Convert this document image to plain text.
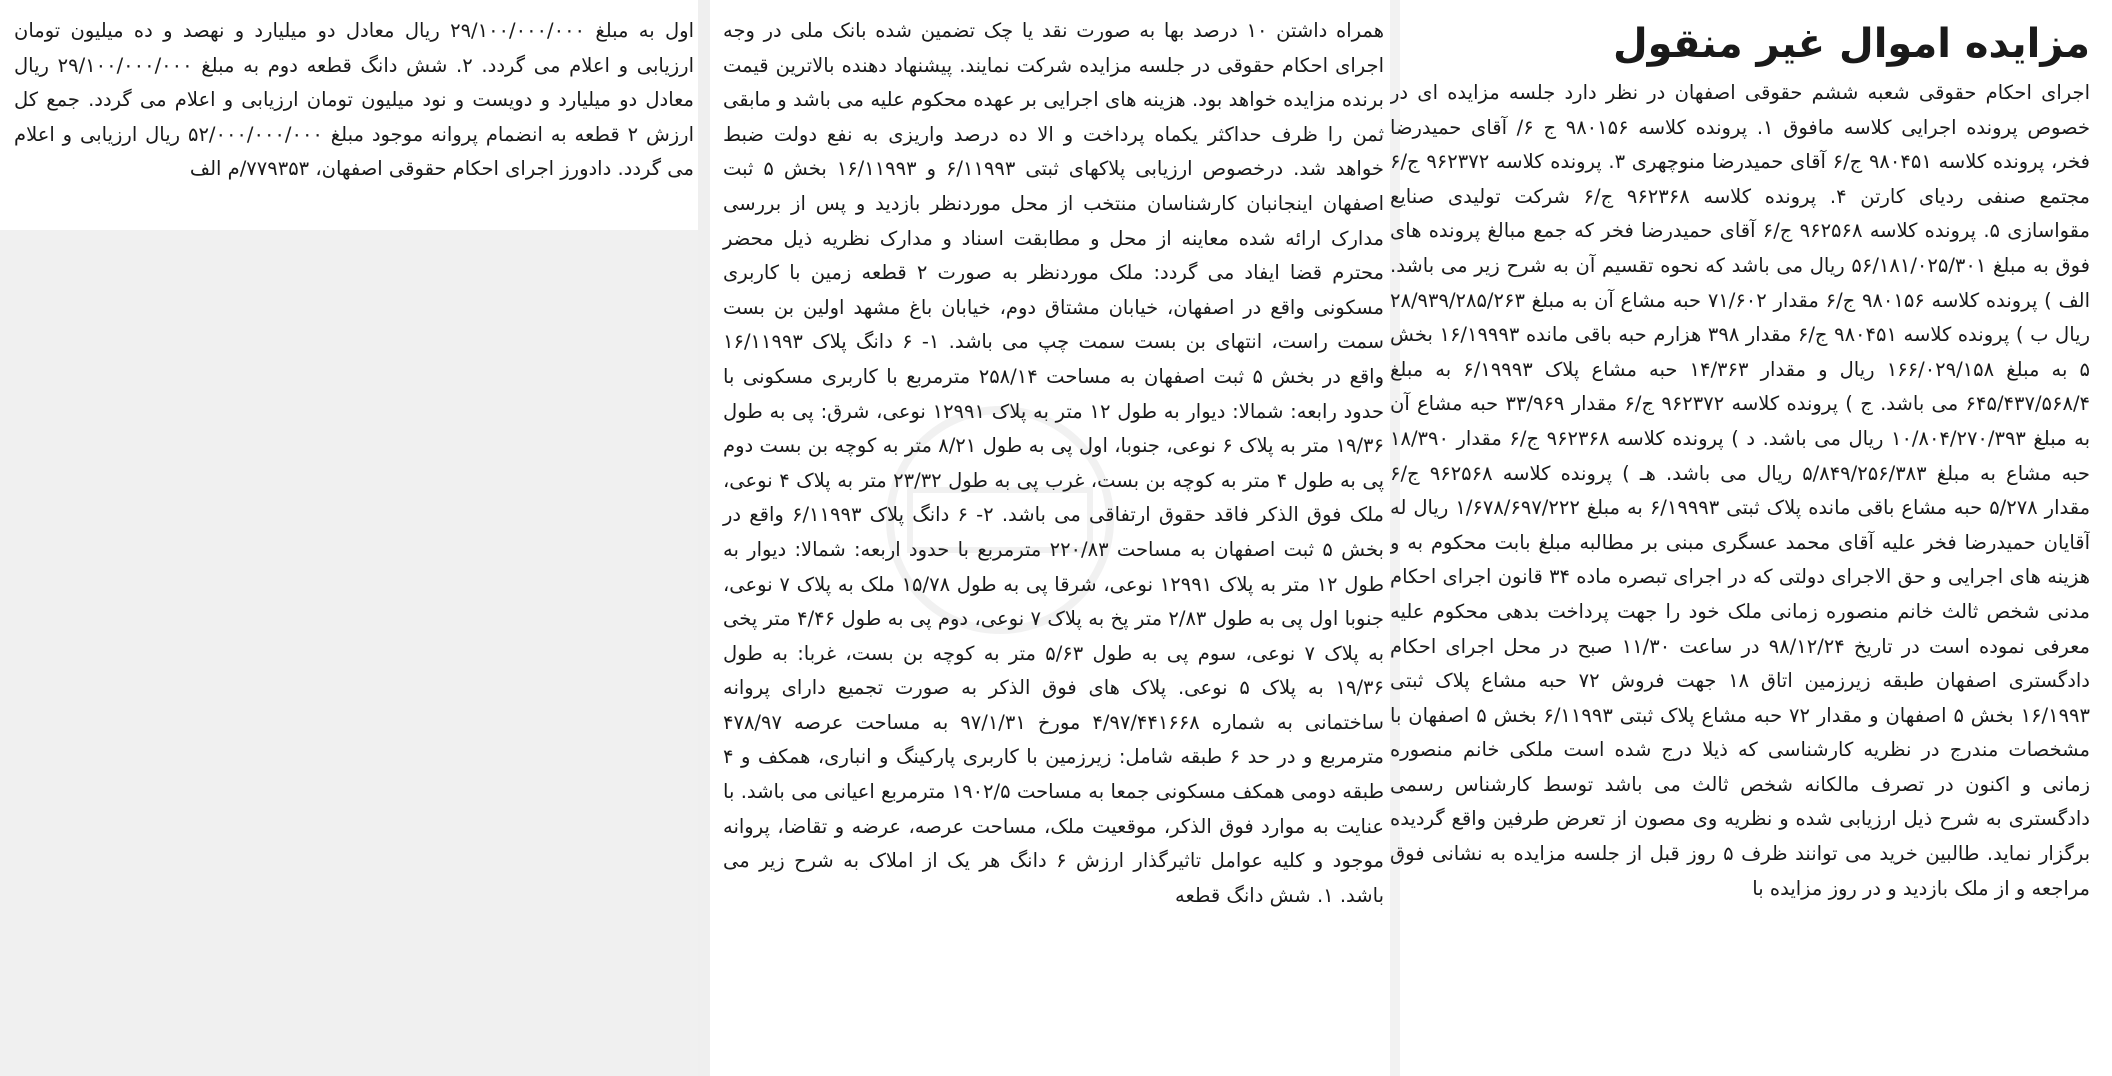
مزایده اموال غیر منقول

اجرای احکام حقوقی شعبه ششم حقوقی اصفهان در نظر دارد جلسه مزایده ای در خصوص پرونده اجرایی کلاسه مافوق ۱. پرونده کلاسه ۹۸۰۱۵۶ ج ۶/ آقای حمیدرضا فخر، پرونده کلاسه ۹۸۰۴۵۱ ج/۶ آقای حمیدرضا منوچهری ۳. پرونده کلاسه ۹۶۲۳۷۲ ج/۶ مجتمع صنفی ردیای کارتن ۴. پرونده کلاسه ۹۶۲۳۶۸ ج/۶ شرکت تولیدی صنایع مقواسازی ۵. پرونده کلاسه ۹۶۲۵۶۸ ج/۶ آقای حمیدرضا فخر که جمع مبالغ پرونده های فوق به مبلغ ۵۶/۱۸۱/۰۲۵/۳۰۱ ریال می باشد که نحوه تقسیم آن به شرح زیر می باشد. الف ) پرونده کلاسه ۹۸۰۱۵۶ ج/۶ مقدار ۷۱/۶۰۲ حبه مشاع آن به مبلغ ۲۸/۹۳۹/۲۸۵/۲۶۳ ریال ب ) پرونده کلاسه ۹۸۰۴۵۱ ج/۶ مقدار ۳۹۸ هزارم حبه باقی مانده ۱۶/۱۹۹۹۳ بخش ۵ به مبلغ ۱۶۶/۰۲۹/۱۵۸ ریال و مقدار ۱۴/۳۶۳ حبه مشاع پلاک ۶/۱۹۹۹۳ به مبلغ ۶۴۵/۴۳۷/۵۶۸/۴ می باشد. ج ) پرونده کلاسه ۹۶۲۳۷۲ ج/۶ مقدار ۳۳/۹۶۹ حبه مشاع آن به مبلغ ۱۰/۸۰۴/۲۷۰/۳۹۳ ریال می باشد. د ) پرونده کلاسه ۹۶۲۳۶۸ ج/۶ مقدار ۱۸/۳۹۰ حبه مشاع به مبلغ ۵/۸۴۹/۲۵۶/۳۸۳ ریال می باشد. هـ ) پرونده کلاسه ۹۶۲۵۶۸ ج/۶ مقدار ۵/۲۷۸ حبه مشاع باقی مانده پلاک ثبتی ۶/۱۹۹۹۳ به مبلغ ۱/۶۷۸/۶۹۷/۲۲۲ ریال له آقایان حمیدرضا فخر علیه آقای محمد عسگری مبنی بر مطالبه مبلغ بابت محکوم به و هزینه های اجرایی و حق الاجرای دولتی که در اجرای تبصره ماده ۳۴ قانون اجرای احکام مدنی شخص ثالث خانم منصوره زمانی ملک خود را جهت پرداخت بدهی محکوم علیه معرفی نموده است در تاریخ ۹۸/۱۲/۲۴ در ساعت ۱۱/۳۰ صبح در محل اجرای احکام دادگستری اصفهان طبقه زیرزمین اتاق ۱۸ جهت فروش ۷۲ حبه مشاع پلاک ثبتی ۱۶/۱۹۹۳ بخش ۵ اصفهان و مقدار ۷۲ حبه مشاع پلاک ثبتی ۶/۱۱۹۹۳ بخش ۵ اصفهان با مشخصات مندرج در نظریه کارشناسی که ذیلا درج شده است ملکی خانم منصوره زمانی و اکنون در تصرف مالکانه شخص ثالث می باشد توسط کارشناس رسمی دادگستری به شرح ذیل ارزیابی شده و نظریه وی مصون از تعرض طرفین واقع گردیده برگزار نماید. طالبین خرید می توانند ظرف ۵ روز قبل از جلسه مزایده به نشانی فوق مراجعه و از ملک بازدید و در روز مزایده با

همراه داشتن ۱۰ درصد بها به صورت نقد یا چک تضمین شده بانک ملی در وجه اجرای احکام حقوقی در جلسه مزایده شرکت نمایند. پیشنهاد دهنده بالاترین قیمت برنده مزایده خواهد بود. هزینه های اجرایی بر عهده محکوم علیه می باشد و مابقی ثمن را ظرف حداکثر یکماه پرداخت و الا ده درصد واریزی به نفع دولت ضبط خواهد شد. درخصوص ارزیابی پلاکهای ثبتی ۶/۱۱۹۹۳ و ۱۶/۱۱۹۹۳ بخش ۵ ثبت اصفهان اینجانبان کارشناسان منتخب از محل موردنظر بازدید و پس از بررسی مدارک ارائه شده معاینه از محل و مطابقت اسناد و مدارک نظریه ذیل محضر محترم قضا ایفاد می گردد: ملک موردنظر به صورت ۲ قطعه زمین با کاربری مسکونی واقع در اصفهان، خیابان مشتاق دوم، خیابان باغ مشهد اولین بن بست سمت راست، انتهای بن بست سمت چپ می باشد. ۱- ۶ دانگ پلاک ۱۶/۱۱۹۹۳ واقع در بخش ۵ ثبت اصفهان به مساحت ۲۵۸/۱۴ مترمربع با کاربری مسکونی با حدود رابعه: شمالا: دیوار به طول ۱۲ متر به پلاک ۱۲۹۹۱ نوعی، شرق: پی به طول ۱۹/۳۶ متر به پلاک ۶ نوعی، جنوبا، اول پی به طول ۸/۲۱ متر به کوچه بن بست دوم پی به طول ۴ متر به کوچه بن بست، غرب پی به طول ۲۳/۳۲ متر به پلاک ۴ نوعی، ملک فوق الذکر فاقد حقوق ارتفاقی می باشد. ۲- ۶ دانگ پلاک ۶/۱۱۹۹۳ واقع در بخش ۵ ثبت اصفهان به مساحت ۲۲۰/۸۳ مترمربع با حدود اربعه: شمالا: دیوار به طول ۱۲ متر به پلاک ۱۲۹۹۱ نوعی، شرقا پی به طول ۱۵/۷۸ ملک به پلاک ۷ نوعی، جنوبا اول پی به طول ۲/۸۳ متر پخ به پلاک ۷ نوعی، دوم پی به طول ۴/۴۶ متر پخی به پلاک ۷ نوعی، سوم پی به طول ۵/۶۳ متر به کوچه بن بست، غربا: به طول ۱۹/۳۶ به پلاک ۵ نوعی. پلاک های فوق الذکر به صورت تجمیع دارای پروانه ساختمانی به شماره ۴/۹۷/۴۴۱۶۶۸ مورخ ۹۷/۱/۳۱ به مساحت عرصه ۴۷۸/۹۷ مترمربع و در حد ۶ طبقه شامل: زیرزمین با کاربری پارکینگ و انباری، همکف و ۴ طبقه دومی همکف مسکونی جمعا به مساحت ۱۹۰۲/۵ مترمربع اعیانی می باشد. با عنایت به موارد فوق الذکر، موقعیت ملک، مساحت عرصه، عرضه و تقاضا، پروانه موجود و کلیه عوامل تاثیرگذار ارزش ۶ دانگ هر یک از املاک به شرح زیر می باشد. ۱. شش دانگ قطعه

اول به مبلغ ۲۹/۱۰۰/۰۰۰/۰۰۰ ریال معادل دو میلیارد و نهصد و ده میلیون تومان ارزیابی و اعلام می گردد. ۲. شش دانگ قطعه دوم به مبلغ ۲۹/۱۰۰/۰۰۰/۰۰۰ ریال معادل دو میلیارد و دویست و نود میلیون تومان ارزیابی و اعلام می گردد. جمع کل ارزش ۲ قطعه به انضمام پروانه موجود مبلغ ۵۲/۰۰۰/۰۰۰/۰۰۰ ریال ارزیابی و اعلام می گردد. دادورز اجرای احکام حقوقی اصفهان، ۷۷۹۳۵۳/م الف
